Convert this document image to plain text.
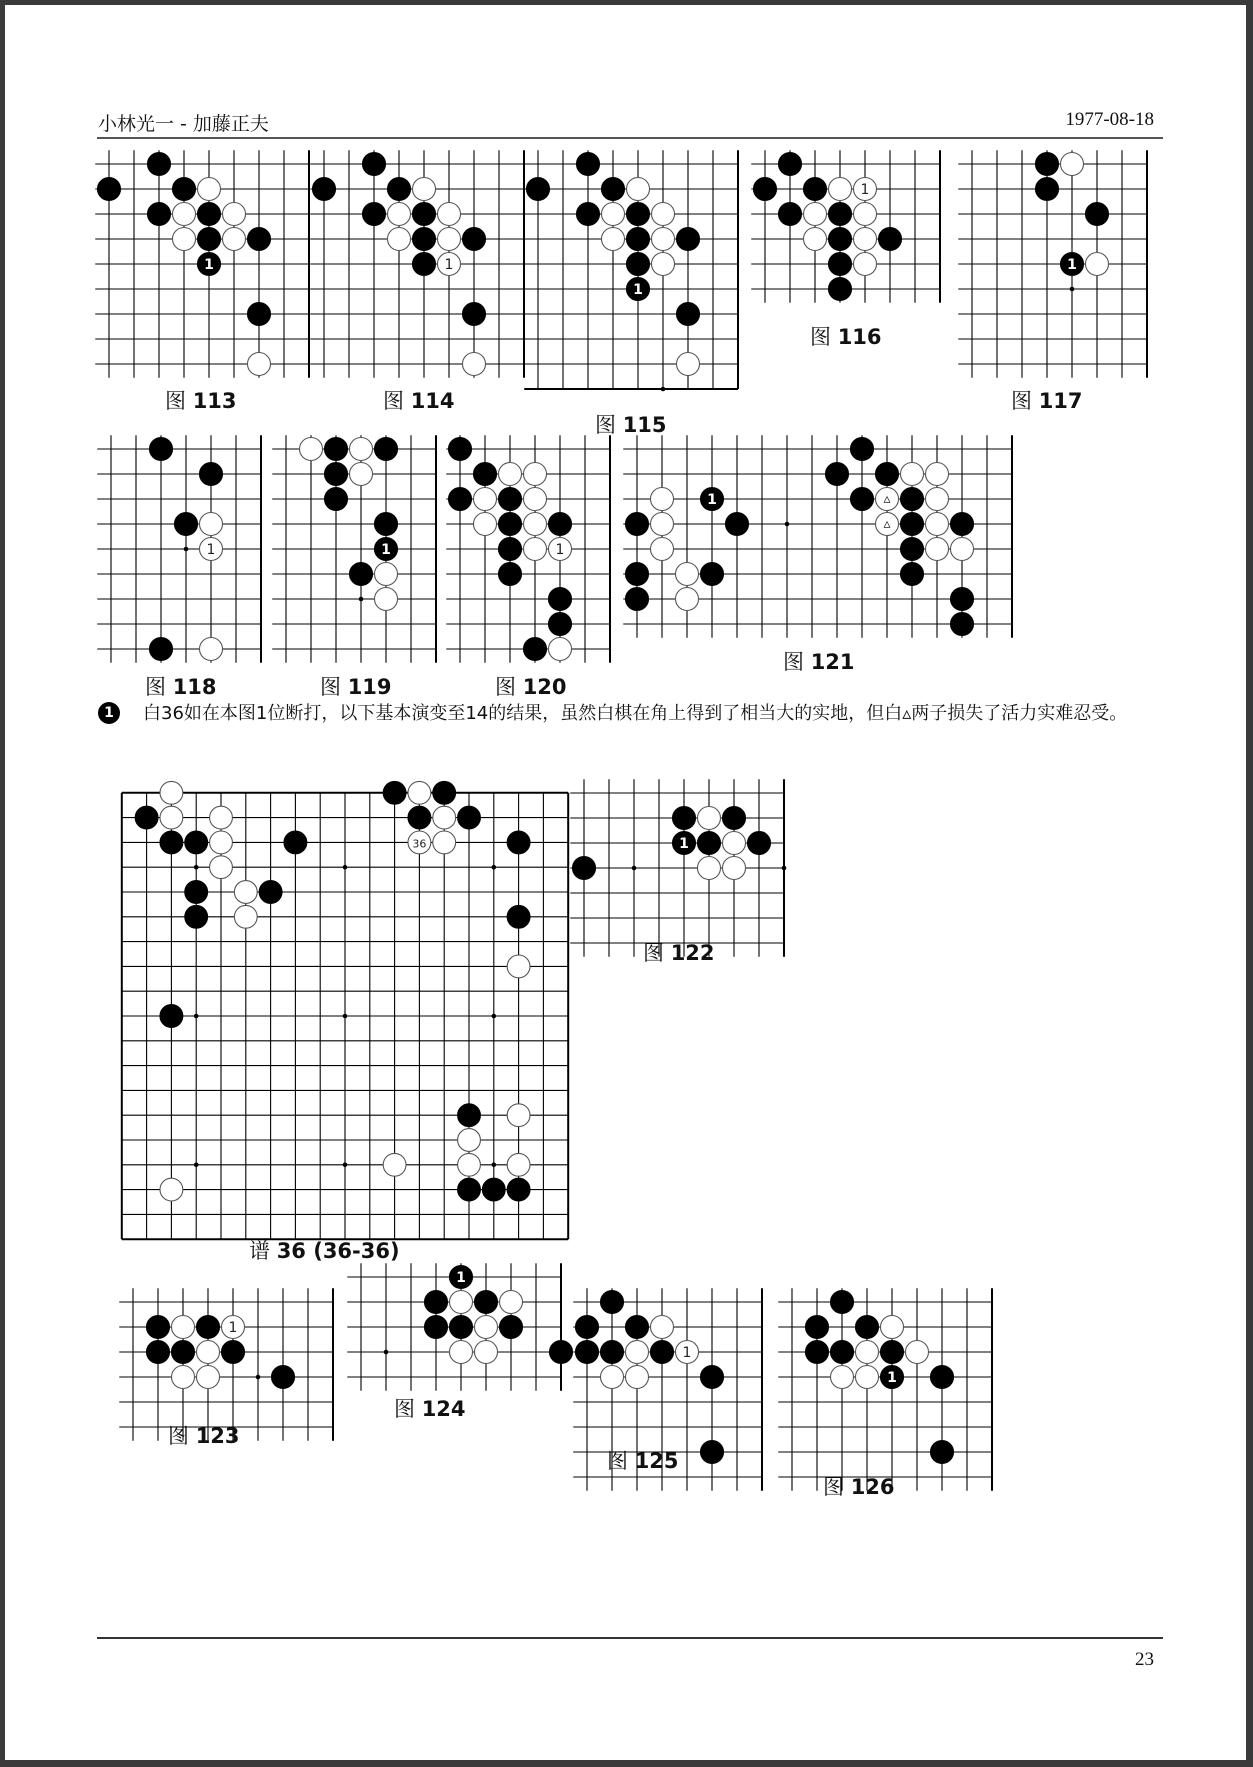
小林光一 - 加藤正夫	1977-08-18
1	白36如在本图1位断打，以下基本演变至14的结果，虽然白棋在角上得到了相当大的实地，但白▵两子损失了活力实难忍受。
23
1
图 113
1
图 114
1
图 115
1
图 116
1
图 117
1
图 118
1
图 119
1
图 120
1	▵
▵
图 121
1
图 122
36
谱 36 (36-36)
1
图 123
1
图 124
1
图 125
1
图 126
